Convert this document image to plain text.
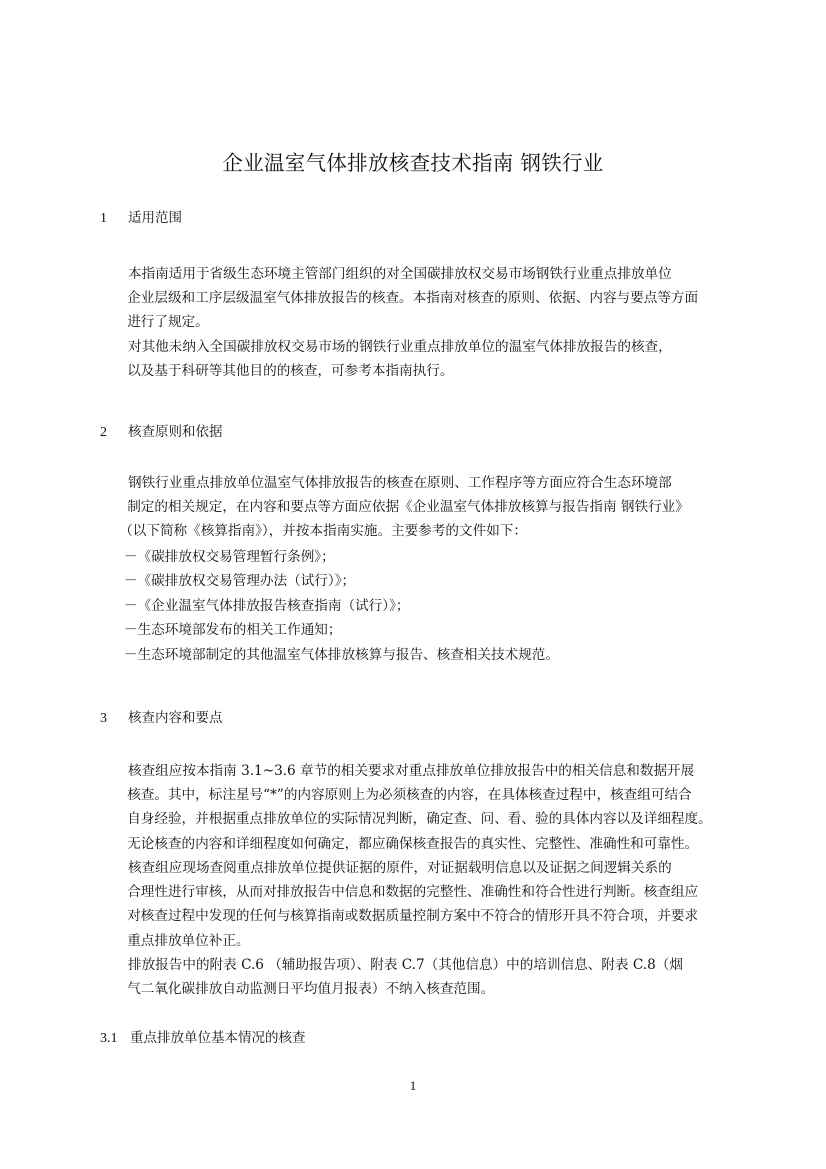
企业温室气体排放核查技术指南 钢铁行业
1 适用范围

本指南适用于省级生态环境主管部门组织的对全国碳排放权交易市场钢铁行业重点排放单位
企业层级和工序层级温室气体排放报告的核查。本指南对核查的原则、依据、内容与要点等方面
进行了规定。

对其他未纳入全国碳排放权交易市场的钢铁行业重点排放单位的温室气体排放报告的核查，
以及基于科研等其他目的的核查，可参考本指南执行。

2 核查原则和依据

钢铁行业重点排放单位温室气体排放报告的核查在原则、工作程序等方面应符合生态环境部
制定的相关规定，在内容和要点等方面应依据《企业温室气体排放核算与报告指南 钢铁行业》
（以下简称《核算指南》），并按本指南实施。主要参考的文件如下：

－《碳排放权交易管理暂行条例》；
－《碳排放权交易管理办法（试行）》；
－《企业温室气体排放报告核查指南（试行）》；
－生态环境部发布的相关工作通知；
－生态环境部制定的其他温室气体排放核算与报告、核查相关技术规范。
3 核查内容和要点

核查组应按本指南 3.1~3.6 章节的相关要求对重点排放单位排放报告中的相关信息和数据开展
核查。其中，标注星号“*”的内容原则上为必须核查的内容，在具体核查过程中，核查组可结合
自身经验，并根据重点排放单位的实际情况判断，确定查、问、看、验的具体内容以及详细程度。
无论核查的内容和详细程度如何确定，都应确保核查报告的真实性、完整性、准确性和可靠性。

核查组应现场查阅重点排放单位提供证据的原件，对证据载明信息以及证据之间逻辑关系的
合理性进行审核，从而对排放报告中信息和数据的完整性、准确性和符合性进行判断。核查组应
对核查过程中发现的任何与核算指南或数据质量控制方案中不符合的情形开具不符合项，并要求
重点排放单位补正。

排放报告中的附表 C.6 （辅助报告项）、附表 C.7（其他信息）中的培训信息、附表 C.8（烟
气二氧化碳排放自动监测日平均值月报表）不纳入核查范围。

3.1 重点排放单位基本情况的核查
1
